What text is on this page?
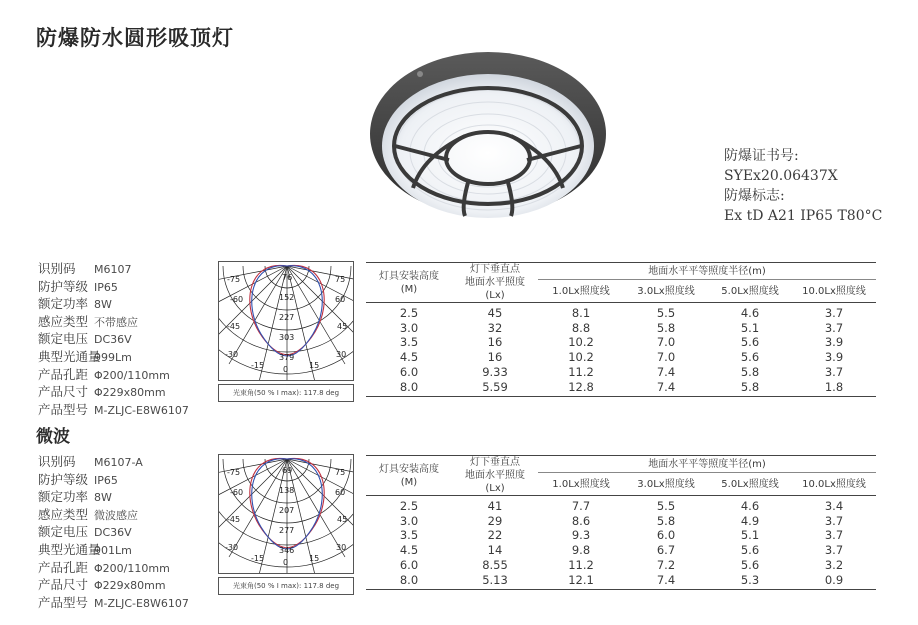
防爆防水圆形吸顶灯
防爆证书号:
SYEx20.06437X
防爆标志:
Ex tD A21 IP65 T80°C
识别码 M6107
防护等级 IP65
额定功率 8W
感应类型 不带感应
额定电压 DC36V
典型光通量999Lm
产品孔距 Φ200/110mm
产品尺寸 Φ229x80mm
产品型号 M-ZLJC-E8W6107
-75
-60
-45
-30
-15 0	15
30
45
60
75
76
152
227
303
379
光束角(50 % I max): 117.8 deg
灯具安装高度
(M)	灯下垂直点
地面水平照度
(Lx)	地面水平平等照度半径(m)			
		1.0Lx照度线	3.0Lx照度线	5.0Lx照度线	10.0Lx照度线
2.5	45	8.1	5.5	4.6	3.7
3.0	32	8.8	5.8	5.1	3.7
3.5	16	10.2	7.0	5.6	3.9
4.5	16	10.2	7.0	5.6	3.9
6.0	9.33	11.2	7.4	5.8	3.7
8.0	5.59	12.8	7.4	5.8	1.8
微波
识别码 M6107-A
防护等级 IP65
额定功率 8W
感应类型 微波感应
额定电压 DC36V
典型光通量901Lm
产品孔距 Φ200/110mm
产品尺寸 Φ229x80mm
产品型号 M-ZLJC-E8W6107
-75
-60
-45
-30
-15 0	15
30
45
60
75
69
138
207
277
346
光束角(50 % I max): 117.8 deg
灯具安装高度
(M)	灯下垂直点
地面水平照度
(Lx)	地面水平平等照度半径(m)			
		1.0Lx照度线	3.0Lx照度线	5.0Lx照度线	10.0Lx照度线
2.5	41	7.7	5.5	4.6	3.4
3.0	29	8.6	5.8	4.9	3.7
3.5	22	9.3	6.0	5.1	3.7
4.5	14	9.8	6.7	5.6	3.7
6.0	8.55	11.2	7.2	5.6	3.2
8.0	5.13	12.1	7.4	5.3	0.9
